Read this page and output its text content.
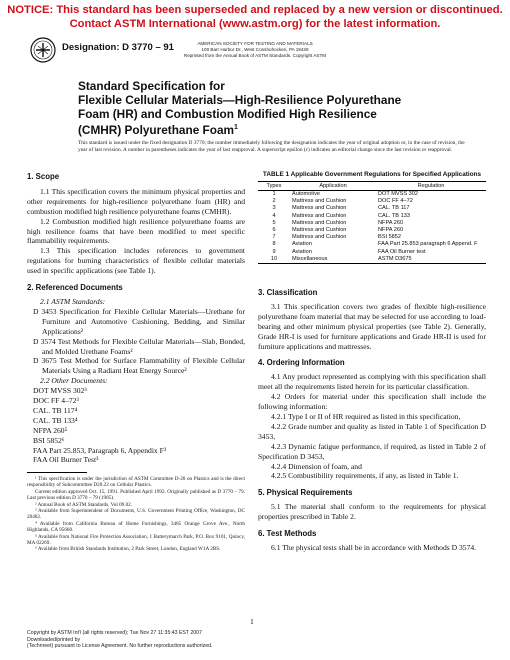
NOTICE: This standard has been superseded and replaced by a new version or discontinued.
Contact ASTM International (www.astm.org) for the latest information.
Designation: D 3770 – 91	AMERICAN SOCIETY FOR TESTING AND MATERIALS
100 Barr Harbor Dr., West Conshohocken, PA 19428
Reprinted from the Annual Book of ASTM Standards. Copyright ASTM
Standard Specification for
Flexible Cellular Materials—High-Resilience Polyurethane
Foam (HR) and Combustion Modified High Resilience
(CMHR) Polyurethane Foam$^1$
This standard is issued under the fixed designation D 3770; the number immediately following the designation indicates the year of original adoption or, in the case of revision, the year of last revision. A number in parentheses indicates the year of last reapproval. A superscript epsilon (ε) indicates an editorial change since the last revision or reapproval.

1. Scope

1.1 This specification covers the minimum physical properties and other requirements for high-resilience polyurethane foam (HR) and combustion modified high resilience polyurethane foams (CMHR).

1.2 Combustion modified high resilience polyurethane foams are high resilience foams that have been modified to meet specific flammability requirements.

1.3 This specification includes references to government regulations for burning characteristics of flexible cellular materials used in specific applications (see Table 1).

2. Referenced Documents

2.1 ASTM Standards:

D 3453 Specification for Flexible Cellular Materials—Urethane for Furniture and Automotive Cushioning, Bedding, and Similar Applications²

D 3574 Test Methods for Flexible Cellular Materials—Slab, Bonded, and Molded Urethane Foams²

D 3675 Test Method for Surface Flammability of Flexible Cellular Materials Using a Radiant Heat Energy Source²

2.2 Other Documents:

DOT MVSS 302³

DOC FF 4–72³

CAL. TB 117⁴

CAL. TB 133⁴

NFPA 260⁵

BSI 5852⁶

FAA Part 25.853, Paragraph 6, Appendix F³

FAA Oil Burner Test³

¹ This specification is under the jurisdiction of ASTM Committee D-20 on Plastics and is the direct responsibility of Subcommittee D20.22 on Cellular Plastics.

Current edition approved Oct. 15, 1991. Published April 1992. Originally published as D 3770 – 79. Last previous edition D 3770 – 79 (1985).

² Annual Book of ASTM Standards, Vol 09.02.

³ Available from Superintendent of Documents, U.S. Government Printing Office, Washington, DC 20402.

⁴ Available from California Bureau of Home Furnishings, 3485 Orange Grove Ave., North Highlands, CA 95660.

⁵ Available from National Fire Protection Association, 1 Batterymarch Park, P.O. Box 9101, Quincy, MA 02269.

⁶ Available from British Standards Institution, 2 Park Street, London, England W1A 2BS.

TABLE 1 Applicable Government Regulations for Specified Applications
Types	Application	Regulation
1	Automotive	DOT MVSS 302
2	Mattress and Cushion	DOC FF 4–72
3	Mattress and Cushion	CAL. TB 117
4	Mattress and Cushion	CAL. TB 133
5	Mattress and Cushion	NFPA 260
6	Mattress and Cushion	NFPA 260
7	Mattress and Cushion	BSI 5852
8	Aviation	FAA Part 25.853 paragraph 6 Append. F
9	Aviation	FAA Oil Burner test
10	Miscellaneous	ASTM D3675

3. Classification

3.1 This specification covers two grades of flexible high-resilience polyurethane foam material that may be selected for use according to load-bearing and other minimum physical properties (see Table 2). Generally, Grade HR-I is used for furniture applications and Grade HR-II is used for furniture applications and mattresses.

4. Ordering Information

4.1 Any product represented as complying with this specification shall meet all the requirements listed herein for its particular classification.

4.2 Orders for material under this specification shall include the following information:

4.2.1 Type I or II of HR required as listed in this specification,

4.2.2 Grade number and quality as listed in Table 1 of Specification D 3453,

4.2.3 Dynamic fatigue performance, if required, as listed in Table 2 of Specification D 3453,

4.2.4 Dimension of foam, and

4.2.5 Combustibility requirements, if any, as listed in Table 1.

5. Physical Requirements

5.1 The material shall conform to the requirements for physical properties prescribed in Table 2.

6. Test Methods

6.1 The physical tests shall be in accordance with Methods D 3574.

1
Copyright by ASTM Int'l (all rights reserved); Tue Nov 27 11:35:43 EST 2007
Downloaded/printed by
(Technreet) pursuant to License Agreement. No further reproductions authorized.
